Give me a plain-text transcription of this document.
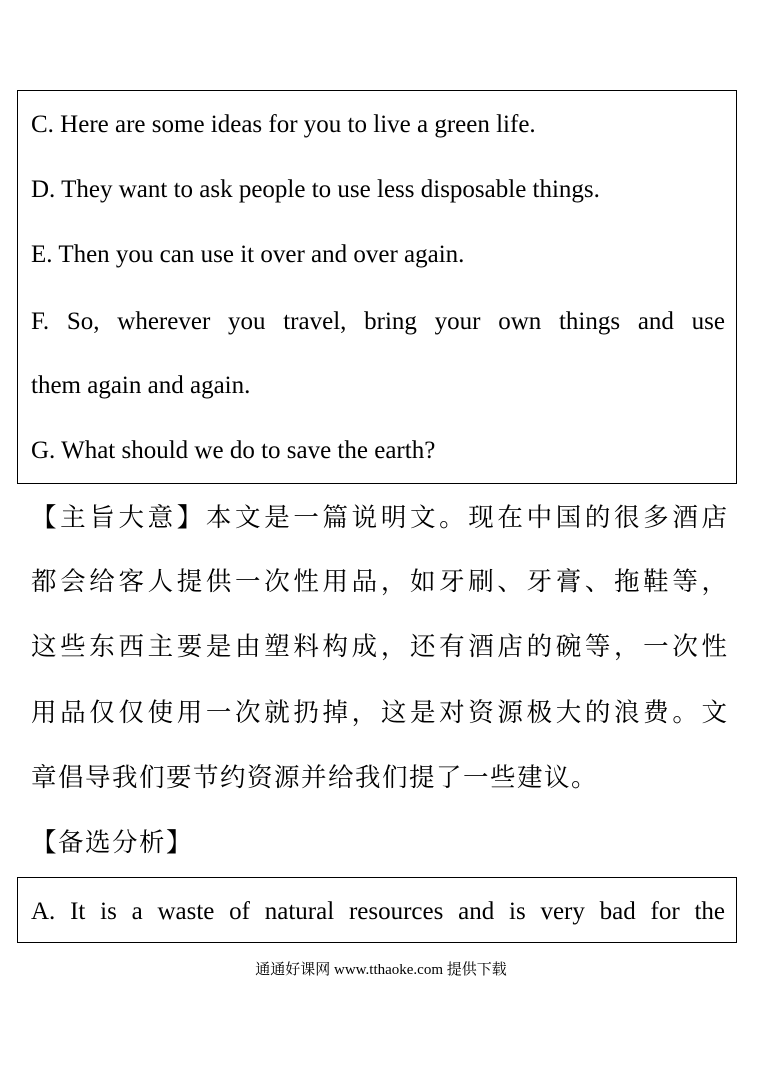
C. Here are some ideas for you to live a green life.
D. They want to ask people to use less disposable things.
E. Then you can use it over and over again.
F. So, wherever you travel, bring your own things and use
them again and again.
G. What should we do to save the earth?
【主旨大意】本文是一篇说明文。现在中国的很多酒店
都会给客人提供一次性用品，如牙刷、牙膏、拖鞋等，
这些东西主要是由塑料构成，还有酒店的碗等，一次性
用品仅仅使用一次就扔掉，这是对资源极大的浪费。文
章倡导我们要节约资源并给我们提了一些建议。
【备选分析】
A. It is a waste of natural resources and is very bad for the
通通好课网 www.tthaoke.com 提供下载
